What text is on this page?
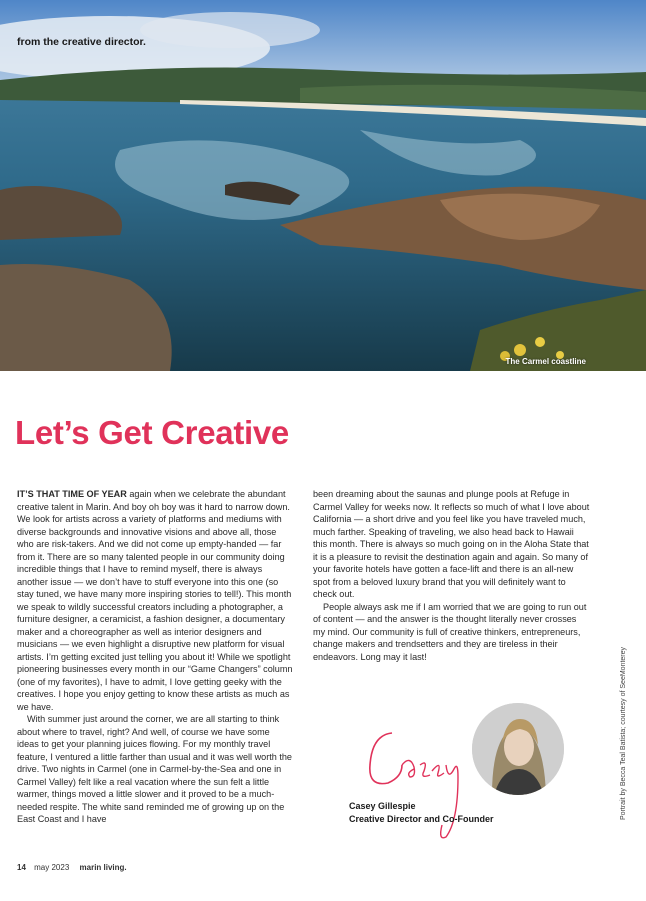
from the creative director.
The Carmel coastline
Let’s Get Creative

IT’S THAT TIME OF YEAR again when we celebrate the abundant creative talent in Marin. And boy oh boy was it hard to narrow down. We look for artists across a variety of platforms and mediums with diverse backgrounds and innovative visions and above all, those who are risk-takers. And we did not come up empty-handed — far from it. There are so many talented people in our community doing incredible things that I have to remind myself, there is always another issue — we don’t have to stuff everyone into this one (so stay tuned, we have many more inspiring stories to tell!). This month we speak to wildly successful creators including a photographer, a furniture designer, a ceramicist, a fashion designer, a documentary maker and a choreographer as well as interior designers and musicians — we even highlight a disruptive new platform for visual artists. I’m getting excited just telling you about it! While we spotlight pioneering businesses every month in our “Game Changers” column (one of my favorites), I have to admit, I love getting geeky with the creatives. I hope you enjoy getting to know these artists as much as we have.

With summer just around the corner, we are all starting to think about where to travel, right? And well, of course we have some ideas to get your planning juices flowing. For my monthly travel feature, I ventured a little farther than usual and it was well worth the drive. Two nights in Carmel (one in Carmel-by-the-Sea and one in Carmel Valley) felt like a real vacation where the sun felt a little warmer, things moved a little slower and it proved to be a much-needed respite. The white sand reminded me of growing up on the East Coast and I have

been dreaming about the saunas and plunge pools at Refuge in Carmel Valley for weeks now. It reflects so much of what I love about California — a short drive and you feel like you have traveled much, much farther. Speaking of traveling, we also head back to Hawaii this month. There is always so much going on in the Aloha State that it is a pleasure to revisit the destination again and again. So many of your favorite hotels have gotten a face-lift and there is an all-new spot from a beloved luxury brand that you will definitely want to check out.

People always ask me if I am worried that we are going to run out of content — and the answer is the thought literally never crosses my mind. Our community is full of creative thinkers, entrepreneurs, change makers and trendsetters and they are tireless in their endeavors. Long may it last!

Casey Gillespie
Creative Director and Co-Founder	Portrait by Becca Teal Batista; courtesy of SeeMonterey
14 may 2023 marin living.
